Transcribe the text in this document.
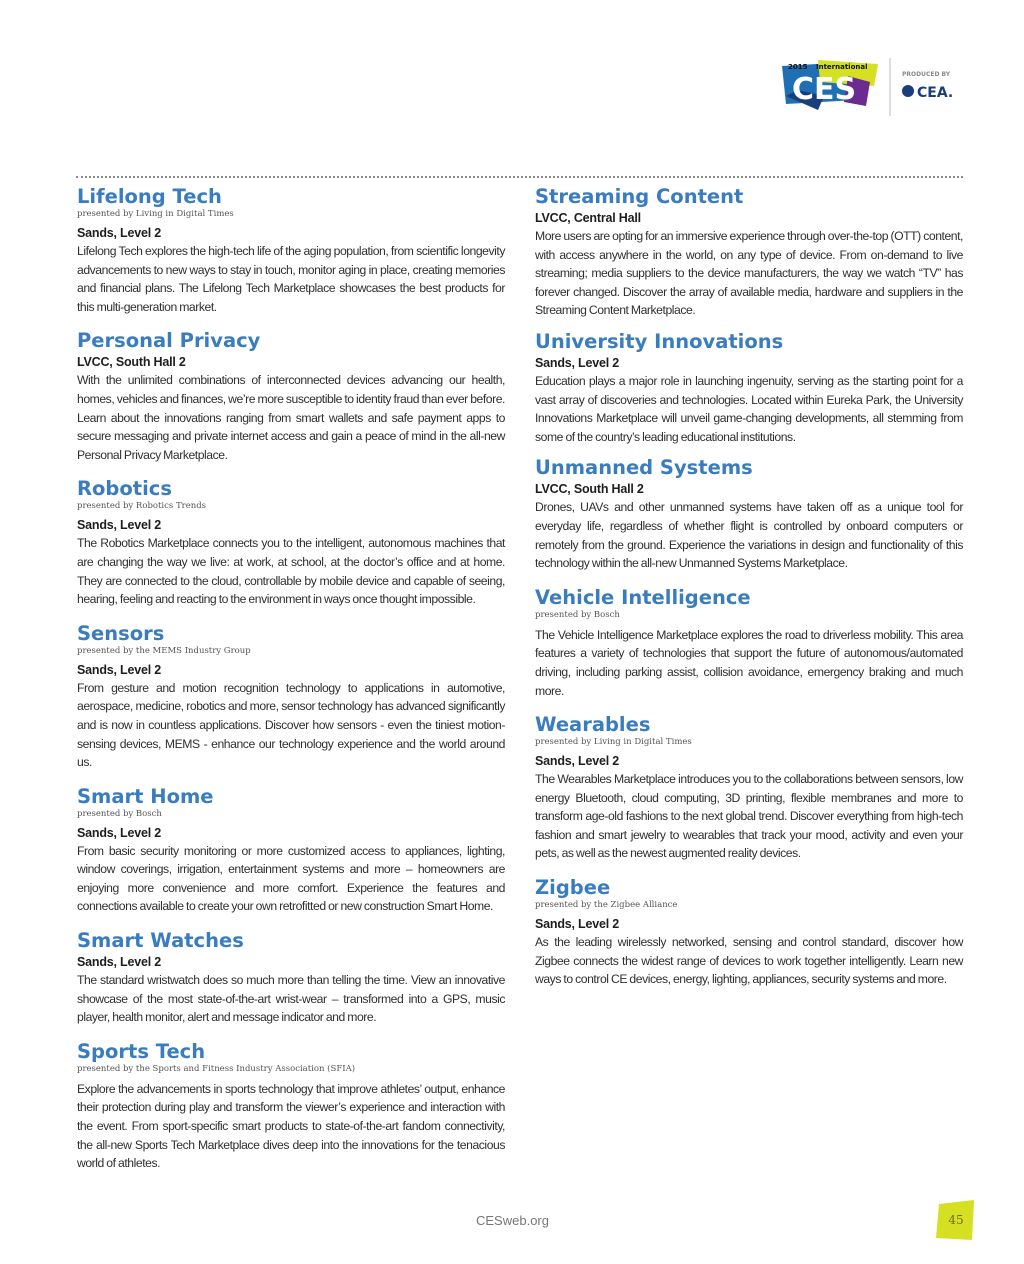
2015 International
CES	PRODUCED BY
CEA.
Lifelong Tech
presented by Living in Digital Times
Sands, Level 2

Lifelong Tech explores the high-tech life of the aging population, from scientific longevity advancements to new ways to stay in touch, monitor aging in place, creating memories and financial plans. The Lifelong Tech Marketplace showcases the best products for this multi-generation market.

Personal Privacy
LVCC, South Hall 2

With the unlimited combinations of interconnected devices advancing our health, homes, vehicles and finances, we’re more susceptible to identity fraud than ever before. Learn about the innovations ranging from smart wallets and safe payment apps to secure messaging and private internet access and gain a peace of mind in the all-new Personal Privacy Marketplace.

Robotics
presented by Robotics Trends
Sands, Level 2

The Robotics Marketplace connects you to the intelligent, autonomous machines that are changing the way we live: at work, at school, at the doctor’s office and at home. They are connected to the cloud, controllable by mobile device and capable of seeing, hearing, feeling and reacting to the environment in ways once thought impossible.

Sensors
presented by the MEMS Industry Group
Sands, Level 2

From gesture and motion recognition technology to applications in automotive, aerospace, medicine, robotics and more, sensor technology has advanced significantly and is now in countless applications. Discover how sensors - even the tiniest motion-sensing devices, MEMS - enhance our technology experience and the world around us.

Smart Home
presented by Bosch
Sands, Level 2

From basic security monitoring or more customized access to appliances, lighting, window coverings, irrigation, entertainment systems and more – homeowners are enjoying more convenience and more comfort. Experience the features and connections available to create your own retrofitted or new construction Smart Home.

Smart Watches
Sands, Level 2

The standard wristwatch does so much more than telling the time. View an innovative showcase of the most state-of-the-art wrist-wear – transformed into a GPS, music player, health monitor, alert and message indicator and more.

Sports Tech
presented by the Sports and Fitness Industry Association (SFIA)

Explore the advancements in sports technology that improve athletes’ output, enhance their protection during play and transform the viewer’s experience and interaction with the event. From sport-specific smart products to state-of-the-art fandom connectivity, the all-new Sports Tech Marketplace dives deep into the innovations for the tenacious world of athletes.

Streaming Content
LVCC, Central Hall

More users are opting for an immersive experience through over-the-top (OTT) content, with access anywhere in the world, on any type of device. From on-demand to live streaming; media suppliers to the device manufacturers, the way we watch “TV” has forever changed. Discover the array of available media, hardware and suppliers in the Streaming Content Marketplace.

University Innovations
Sands, Level 2

Education plays a major role in launching ingenuity, serving as the starting point for a vast array of discoveries and technologies. Located within Eureka Park, the University Innovations Marketplace will unveil game-changing developments, all stemming from some of the country’s leading educational institutions.

Unmanned Systems
LVCC, South Hall 2

Drones, UAVs and other unmanned systems have taken off as a unique tool for everyday life, regardless of whether flight is controlled by onboard computers or remotely from the ground. Experience the variations in design and functionality of this technology within the all-new Unmanned Systems Marketplace.

Vehicle Intelligence
presented by Bosch

The Vehicle Intelligence Marketplace explores the road to driverless mobility. This area features a variety of technologies that support the future of autonomous/automated driving, including parking assist, collision avoidance, emergency braking and much more.

Wearables
presented by Living in Digital Times
Sands, Level 2

The Wearables Marketplace introduces you to the collaborations between sensors, low energy Bluetooth, cloud computing, 3D printing, flexible membranes and more to transform age-old fashions to the next global trend. Discover everything from high-tech fashion and smart jewelry to wearables that track your mood, activity and even your pets, as well as the newest augmented reality devices.

Zigbee
presented by the Zigbee Alliance
Sands, Level 2

As the leading wirelessly networked, sensing and control standard, discover how Zigbee connects the widest range of devices to work together intelligently. Learn new ways to control CE devices, energy, lighting, appliances, security systems and more.

CESweb.org	45
